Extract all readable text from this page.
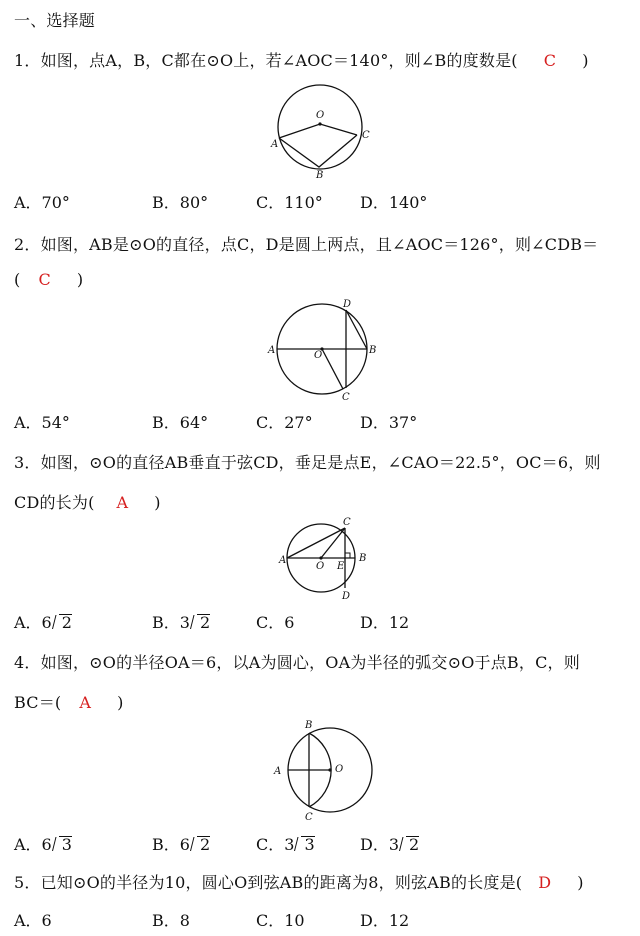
一、选择题
1．如图，点A，B，C都在⊙O上，若∠AOC＝140°，则∠B的度数是( C )
O
A
B
C
A．70°	B．80°	C．110° D．140°
2．如图，AB是⊙O的直径，点C，D是圆上两点，且∠AOC＝126°，则∠CDB＝
( C )
A	O	B
C
D
A．54°	B．64°	C．27°	D．37°
3．如图，⊙O的直径AB垂直于弦CD，垂足是点E，∠CAO＝22.5°，OC＝6，则
CD的长为( A )
A
O E
B
C
D
A．6 2	B．3 2	C．6	D．12
4．如图，⊙O的半径OA＝6，以A为圆心，OA为半径的弧交⊙O于点B，C，则
BC＝( A )
A	O
B
C
A．6 3	B．6 2	C．3 3	D．3 2
5．已知⊙O的半径为10，圆心O到弦AB的距离为8，则弦AB的长度是( D )
A．6	B．8	C．10	D．12
